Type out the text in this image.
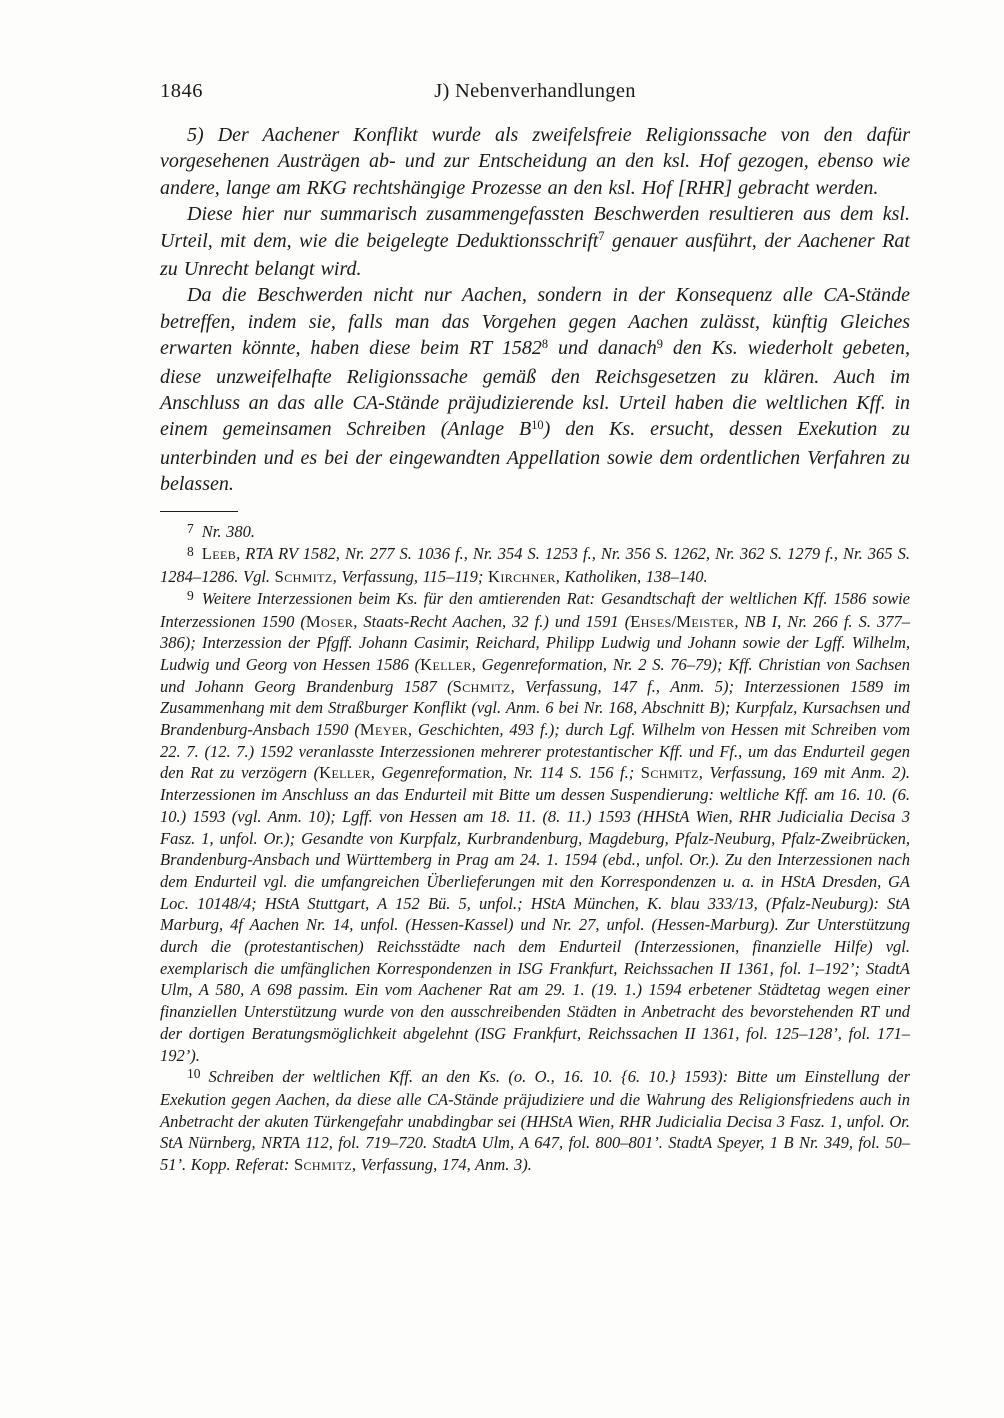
1846	J) Nebenverhandlungen

5) Der Aachener Konflikt wurde als zweifelsfreie Religionssache von den dafür vorgesehenen Austrägen ab- und zur Entscheidung an den ksl. Hof gezogen, ebenso wie andere, lange am RKG rechtshängige Prozesse an den ksl. Hof [RHR] gebracht werden.

Diese hier nur summarisch zusammengefassten Beschwerden resultieren aus dem ksl. Urteil, mit dem, wie die beigelegte Deduktionsschrift$^7$ genauer ausführt, der Aachener Rat zu Unrecht belangt wird.

Da die Beschwerden nicht nur Aachen, sondern in der Konsequenz alle CA-Stände betreffen, indem sie, falls man das Vorgehen gegen Aachen zulässt, künftig Gleiches erwarten könnte, haben diese beim RT 1582$^8$ und danach$^9$ den Ks. wiederholt gebeten, diese unzweifelhafte Religionssache gemäß den Reichsgesetzen zu klären. Auch im Anschluss an das alle CA-Stände präjudizierende ksl. Urteil haben die weltlichen Kff. in einem gemeinsamen Schreiben (Anlage $B^{10}$) den Ks. ersucht, dessen Exekution zu unterbinden und es bei der eingewandten Appellation sowie dem ordentlichen Verfahren zu belassen.

$^7$ Nr. 380.

$^8$ Leeb, RTA RV 1582, Nr. 277 S. 1036 f., Nr. 354 S. 1253 f., Nr. 356 S. 1262, Nr. 362 S. 1279 f., Nr. 365 S. 1284–1286. Vgl. Schmitz, Verfassung, 115–119; Kirchner, Katholiken, 138–140.

$^9$ Weitere Interzessionen beim Ks. für den amtierenden Rat: Gesandtschaft der weltlichen Kff. 1586 sowie Interzessionen 1590 (Moser, Staats-Recht Aachen, 32 f.) und 1591 (Ehses/Meister, NB I, Nr. 266 f. S. 377–386); Interzession der Pfgff. Johann Casimir, Reichard, Philipp Ludwig und Johann sowie der Lgff. Wilhelm, Ludwig und Georg von Hessen 1586 (Keller, Gegenreformation, Nr. 2 S. 76–79); Kff. Christian von Sachsen und Johann Georg Brandenburg 1587 (Schmitz, Verfassung, 147 f., Anm. 5); Interzessionen 1589 im Zusammenhang mit dem Straßburger Konflikt (vgl. Anm. 6 bei Nr. 168, Abschnitt B); Kurpfalz, Kursachsen und Brandenburg-Ansbach 1590 (Meyer, Geschichten, 493 f.); durch Lgf. Wilhelm von Hessen mit Schreiben vom 22. 7. (12. 7.) 1592 veranlasste Interzessionen mehrerer protestantischer Kff. und Ff., um das Endurteil gegen den Rat zu verzögern (Keller, Gegenreformation, Nr. 114 S. 156 f.; Schmitz, Verfassung, 169 mit Anm. 2). Interzessionen im Anschluss an das Endurteil mit Bitte um dessen Suspendierung: weltliche Kff. am 16. 10. (6. 10.) 1593 (vgl. Anm. 10); Lgff. von Hessen am 18. 11. (8. 11.) 1593 (HHStA Wien, RHR Judicialia Decisa 3 Fasz. 1, unfol. Or.); Gesandte von Kurpfalz, Kurbrandenburg, Magdeburg, Pfalz-Neuburg, Pfalz-Zweibrücken, Brandenburg-Ansbach und Württemberg in Prag am 24. 1. 1594 (ebd., unfol. Or.). Zu den Interzessionen nach dem Endurteil vgl. die umfangreichen Überlieferungen mit den Korrespondenzen u. a. in HStA Dresden, GA Loc. 10148/4; HStA Stuttgart, A 152 Bü. 5, unfol.; HStA München, K. blau 333/13, (Pfalz-Neuburg): StA Marburg, 4f Aachen Nr. 14, unfol. (Hessen-Kassel) und Nr. 27, unfol. (Hessen-Marburg). Zur Unterstützung durch die (protestantischen) Reichsstädte nach dem Endurteil (Interzessionen, finanzielle Hilfe) vgl. exemplarisch die umfänglichen Korrespondenzen in ISG Frankfurt, Reichssachen II 1361, fol. 1–192’; StadtA Ulm, A 580, A 698 passim. Ein vom Aachener Rat am 29. 1. (19. 1.) 1594 erbetener Städtetag wegen einer finanziellen Unterstützung wurde von den ausschreibenden Städten in Anbetracht des bevorstehenden RT und der dortigen Beratungsmöglichkeit abgelehnt (ISG Frankfurt, Reichssachen II 1361, fol. 125–128’, fol. 171–192’).

$^{10}$ Schreiben der weltlichen Kff. an den Ks. (o. O., 16. 10. {6. 10.} 1593): Bitte um Einstellung der Exekution gegen Aachen, da diese alle CA-Stände präjudiziere und die Wahrung des Religionsfriedens auch in Anbetracht der akuten Türkengefahr unabdingbar sei (HHStA Wien, RHR Judicialia Decisa 3 Fasz. 1, unfol. Or. StA Nürnberg, NRTA 112, fol. 719–720. StadtA Ulm, A 647, fol. 800–801’. StadtA Speyer, 1 B Nr. 349, fol. 50–51’. Kopp. Referat: Schmitz, Verfassung, 174, Anm. 3).
